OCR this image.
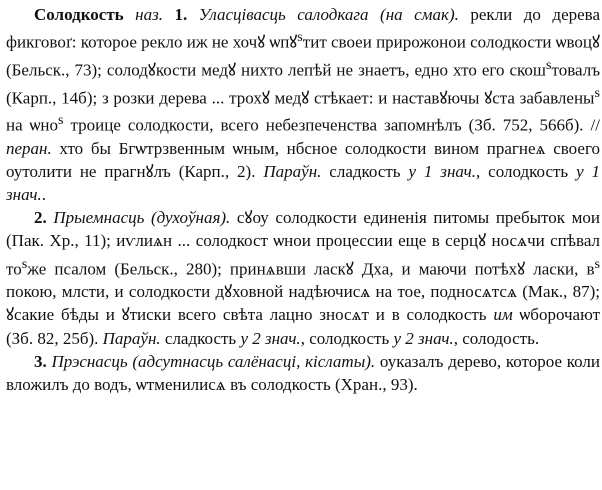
Солодкость наз. 1. Уласцівасць салодкага (на смак). рекли до дерева фикговоґ: которое рекло иж не хочꙋ ѡпꙋ$^s$тит своеи прирожонои солодкости ѡвоцꙋ (Бельск., 73); солодꙋкости медꙋ нихто лепѣй не знаетъ, едно хто его скош$^s$товалъ (Карп., 14б); з розки дерева ... трохꙋ медꙋ стѣкает: и наставꙋючы ꙋста забавлены$^s$ на ѡно$^s$ троице солодкости, всего небезпеченства запомнѣлъ (Зб. 752, 566б). // перан. хто бы Бгѡтрзвенным ѡным, нбсное солодкости вином прагнеѧ своего оутолити не прагнꙋлъ (Карп., 2). Параўн. сладкость у 1 знач., солодкость у 1 знач..

2. Прыемнасць (духоўная). сꙋоу солодкости единенія питомы пребыток мои (Пак. Хр., 11); иѵлиѧн ... солодкост ѡнои процессии еще в серцꙋ носѧчи спѣвал $то^sже$ псалом (Бельск., 280); принѧвши ласкꙋ Дха, и маючи потѣхꙋ ласки, $в^s$ покою, млсти, и солодкости дꙋховной надѣючисѧ на тое, подносѧтсѧ (Мак., 87); ꙋсакие бѣды и ꙋтиски всего свѣта лацно зносѧт и в солодкость им ѡборочают (Зб. 82, 25б). Параўн. сладкость у 2 знач., солодкость у 2 знач., солодость.

3. Прэснасць (адсутнасць салёнасці, кіслаты). оуказалъ дерево, которое коли вложилъ до водъ, ѡтменилисѧ въ солодкость (Хран., 93).
